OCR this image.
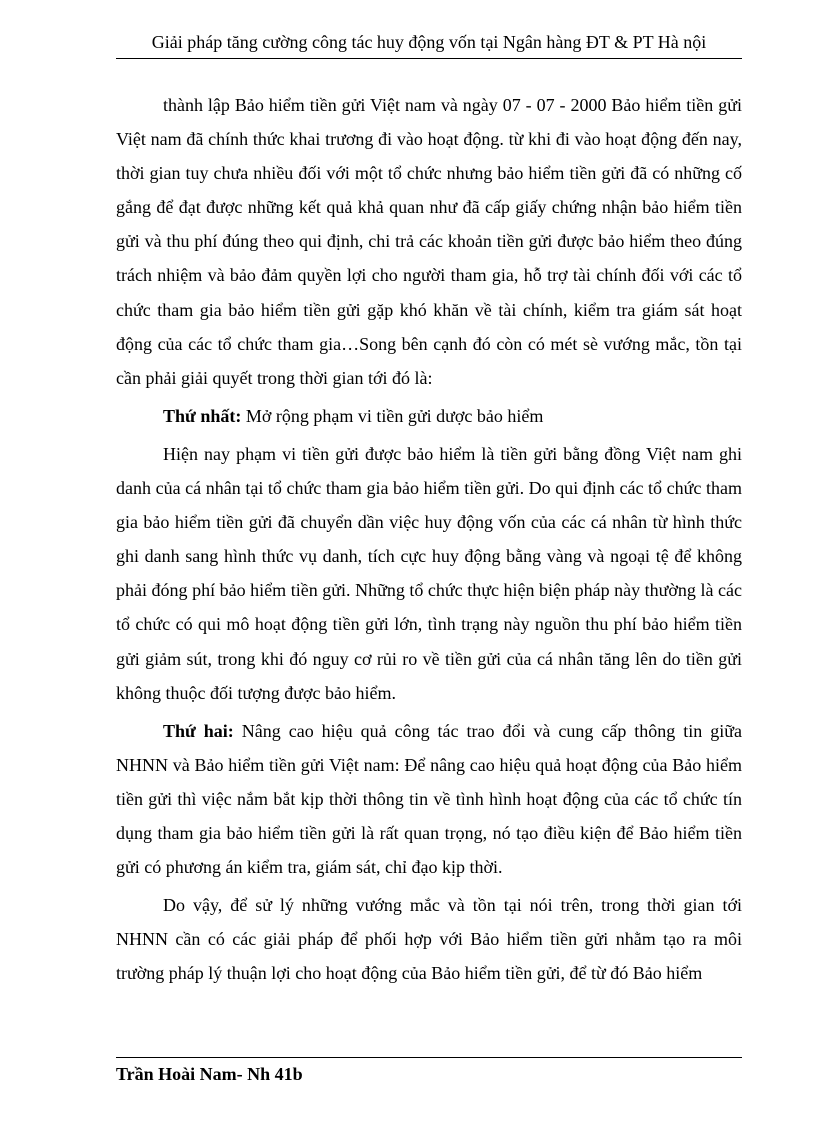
Giải pháp tăng cường công tác huy động vốn tại Ngân hàng ĐT & PT Hà nội

thành lập Bảo hiểm tiền gửi Việt nam và ngày 07 - 07 - 2000 Bảo hiểm tiền gửi Việt nam đã chính thức khai trương đi vào hoạt động. từ khi đi vào hoạt động đến nay, thời gian tuy chưa nhiều đối với một tổ chức nhưng bảo hiểm tiền gửi đã có những cố gắng để đạt được những kết quả khả quan như đã cấp giấy chứng nhận bảo hiểm tiền gửi và thu phí đúng theo qui định, chi trả các khoản tiền gửi được bảo hiểm theo đúng trách nhiệm và bảo đảm quyền lợi cho người tham gia, hỗ trợ tài chính đối với các tổ chức tham gia bảo hiểm tiền gửi gặp khó khăn về tài chính, kiểm tra giám sát hoạt động của các tổ chức tham gia…Song bên cạnh đó còn có mét sè vướng mắc, tồn tại cần phải giải quyết trong thời gian tới đó là:

Thứ nhất: Mở rộng phạm vi tiền gửi dược bảo hiểm

Hiện nay phạm vi tiền gửi được bảo hiểm là tiền gửi bằng đồng Việt nam ghi danh của cá nhân tại tổ chức tham gia bảo hiểm tiền gửi. Do qui định các tổ chức tham gia bảo hiểm tiền gửi đã chuyển dần việc huy động vốn của các cá nhân từ hình thức ghi danh sang hình thức vụ danh, tích cực huy động bằng vàng và ngoại tệ để không phải đóng phí bảo hiểm tiền gửi. Những tổ chức thực hiện biện pháp này thường là các tổ chức có qui mô hoạt động tiền gửi lớn, tình trạng này nguồn thu phí bảo hiểm tiền gửi giảm sút, trong khi đó nguy cơ rủi ro về tiền gửi của cá nhân tăng lên do tiền gửi không thuộc đối tượng được bảo hiểm.

Thứ hai: Nâng cao hiệu quả công tác trao đổi và cung cấp thông tin giữa NHNN và Bảo hiểm tiền gửi Việt nam: Để nâng cao hiệu quả hoạt động của Bảo hiểm tiền gửi thì việc nắm bắt kịp thời thông tin về tình hình hoạt động của các tổ chức tín dụng tham gia bảo hiểm tiền gửi là rất quan trọng, nó tạo điều kiện để Bảo hiểm tiền gửi có phương án kiểm tra, giám sát, chỉ đạo kịp thời.

Do vậy, để sử lý những vướng mắc và tồn tại nói trên, trong thời gian tới NHNN cần có các giải pháp để phối hợp với Bảo hiểm tiền gửi nhằm tạo ra môi trường pháp lý thuận lợi cho hoạt động của Bảo hiểm tiền gửi, để từ đó Bảo hiểm

Trần Hoài Nam- Nh 41b
